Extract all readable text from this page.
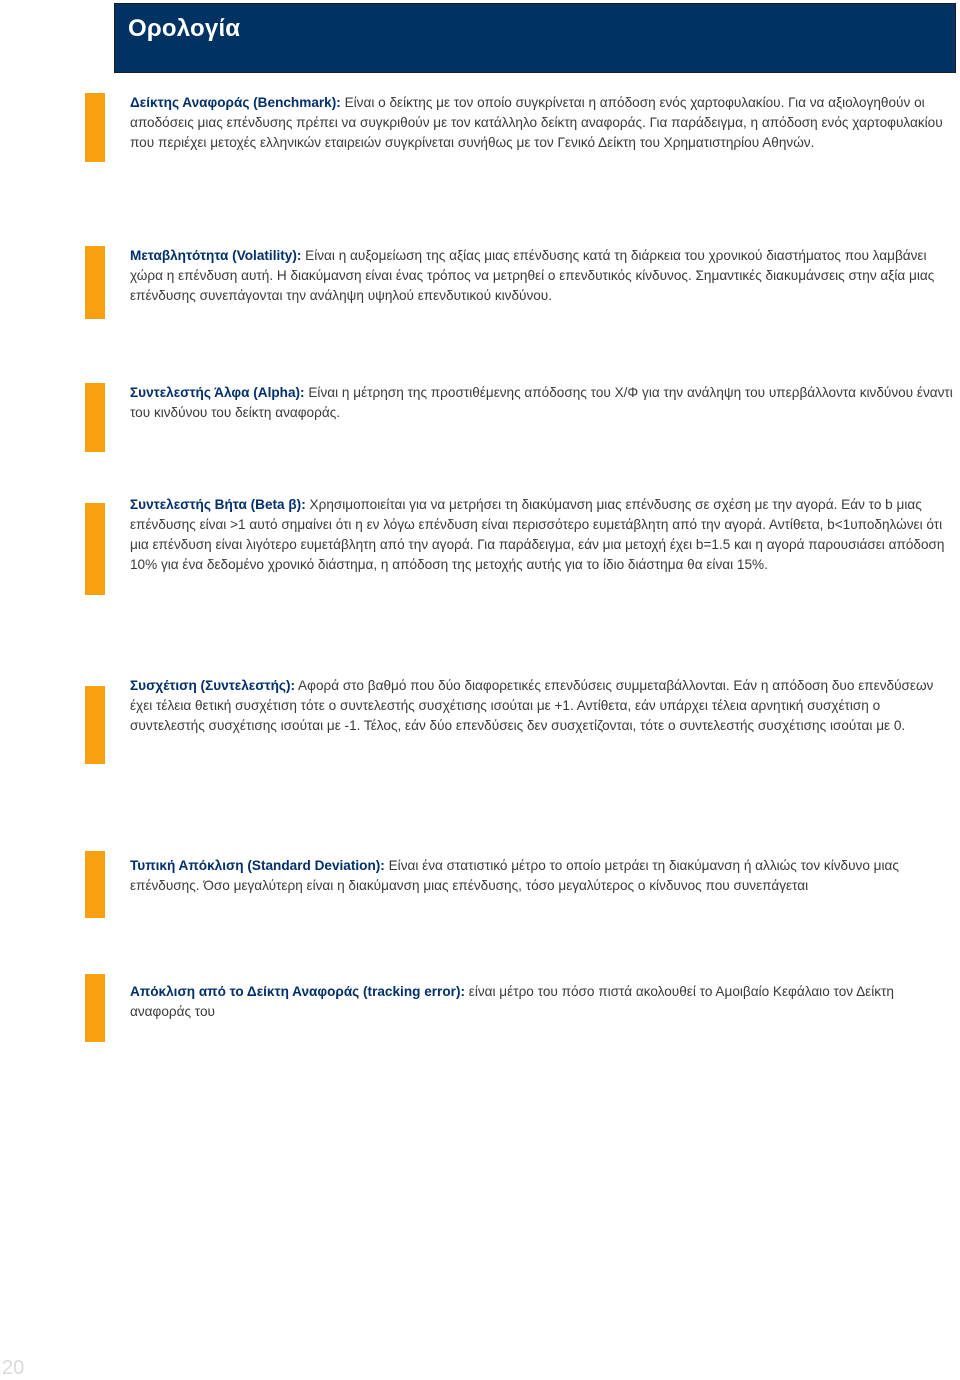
Ορολογία

Δείκτης Αναφοράς (Benchmark): Είναι ο δείκτης με τον οποίο συγκρίνεται η απόδοση ενός χαρτοφυλακίου. Για να αξιολογηθούν οι αποδόσεις μιας επένδυσης πρέπει να συγκριθούν με τον κατάλληλο δείκτη αναφοράς. Για παράδειγμα, η απόδοση ενός χαρτοφυλακίου που περιέχει μετοχές ελληνικών εταιρειών συγκρίνεται συνήθως με τον Γενικό Δείκτη του Χρηματιστηρίου Αθηνών.

Μεταβλητότητα (Volatility): Είναι η αυξομείωση της αξίας μιας επένδυσης κατά τη διάρκεια του χρονικού διαστήματος που λαμβάνει χώρα η επένδυση αυτή. Η διακύμανση είναι ένας τρόπος να μετρηθεί ο επενδυτικός κίνδυνος. Σημαντικές διακυμάνσεις στην αξία μιας επένδυσης συνεπάγονται την ανάληψη υψηλού επενδυτικού κινδύνου.

Συντελεστής Άλφα (Alpha): Είναι η μέτρηση της προστιθέμενης απόδοσης του Χ/Φ για την ανάληψη του υπερβάλλοντα κινδύνου έναντι του κινδύνου του δείκτη αναφοράς.

Συντελεστής Βήτα (Beta β): Χρησιμοποιείται για να μετρήσει τη διακύμανση μιας επένδυσης σε σχέση με την αγορά. Εάν το b μιας επένδυσης είναι >1 αυτό σημαίνει ότι η εν λόγω επένδυση είναι περισσότερο ευμετάβλητη από την αγορά. Αντίθετα, b<1υποδηλώνει ότι μια επένδυση είναι λιγότερο ευμετάβλητη από την αγορά. Για παράδειγμα, εάν μια μετοχή έχει b=1.5 και η αγορά παρουσιάσει απόδοση 10% για ένα δεδομένο χρονικό διάστημα, η απόδοση της μετοχής αυτής για το ίδιο διάστημα θα είναι 15%.

Συσχέτιση (Συντελεστής): Αφορά στο βαθμό που δύο διαφορετικές επενδύσεις συμμεταβάλλονται. Εάν η απόδοση δυο επενδύσεων έχει τέλεια θετική συσχέτιση τότε ο συντελεστής συσχέτισης ισούται με +1. Αντίθετα, εάν υπάρχει τέλεια αρνητική συσχέτιση ο συντελεστής συσχέτισης ισούται με -1. Τέλος, εάν δύο επενδύσεις δεν συσχετίζονται, τότε ο συντελεστής συσχέτισης ισούται με 0.

Τυπική Απόκλιση (Standard Deviation): Είναι ένα στατιστικό μέτρο το οποίο μετράει τη διακύμανση ή αλλιώς τον κίνδυνο μιας επένδυσης. Όσο μεγαλύτερη είναι η διακύμανση μιας επένδυσης, τόσο μεγαλύτερος ο κίνδυνος που συνεπάγεται

Απόκλιση από το Δείκτη Αναφοράς (tracking error): είναι μέτρο του πόσο πιστά ακολουθεί το Αμοιβαίο Κεφάλαιο τον Δείκτη αναφοράς του

20
